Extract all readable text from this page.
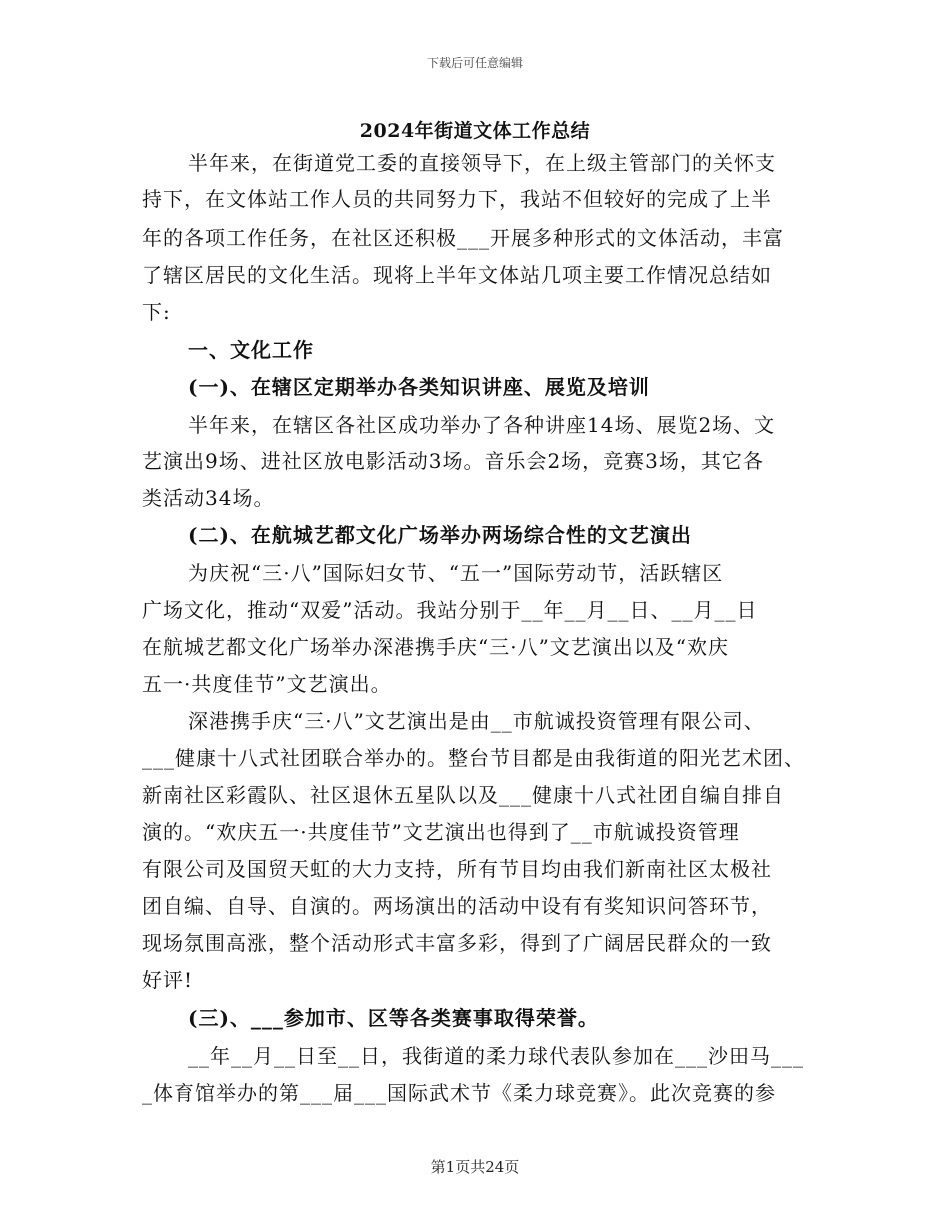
下载后可任意编辑
2024年街道文体工作总结
半年来，在街道党工委的直接领导下，在上级主管部门的关怀支
持下，在文体站工作人员的共同努力下，我站不但较好的完成了上半
年的各项工作任务，在社区还积极___开展多种形式的文体活动，丰富
了辖区居民的文化生活。现将上半年文体站几项主要工作情况总结如
下:
一、文化工作
(一)、在辖区定期举办各类知识讲座、展览及培训
半年来，在辖区各社区成功举办了各种讲座14场、展览2场、文
艺演出9场、进社区放电影活动3场。音乐会2场，竞赛3场，其它各
类活动34场。
(二)、在航城艺都文化广场举办两场综合性的文艺演出
为庆祝“三·八”国际妇女节、“五一”国际劳动节，活跃辖区
广场文化，推动“双爱”活动。我站分别于__年__月__日、__月__日
在航城艺都文化广场举办深港携手庆“三·八”文艺演出以及“欢庆
五一·共度佳节”文艺演出。
深港携手庆“三·八”文艺演出是由__市航诚投资管理有限公司、
___健康十八式社团联合举办的。整台节目都是由我街道的阳光艺术团、
新南社区彩霞队、社区退休五星队以及___健康十八式社团自编自排自
演的。“欢庆五一·共度佳节”文艺演出也得到了__市航诚投资管理
有限公司及国贸天虹的大力支持，所有节目均由我们新南社区太极社
团自编、自导、自演的。两场演出的活动中设有有奖知识问答环节，
现场氛围高涨，整个活动形式丰富多彩，得到了广阔居民群众的一致
好评!
(三)、___参加市、区等各类赛事取得荣誉。
__年__月__日至__日，我街道的柔力球代表队参加在___沙田马___
_体育馆举办的第___届___国际武术节《柔力球竞赛》。此次竞赛的参
第1页共24页
